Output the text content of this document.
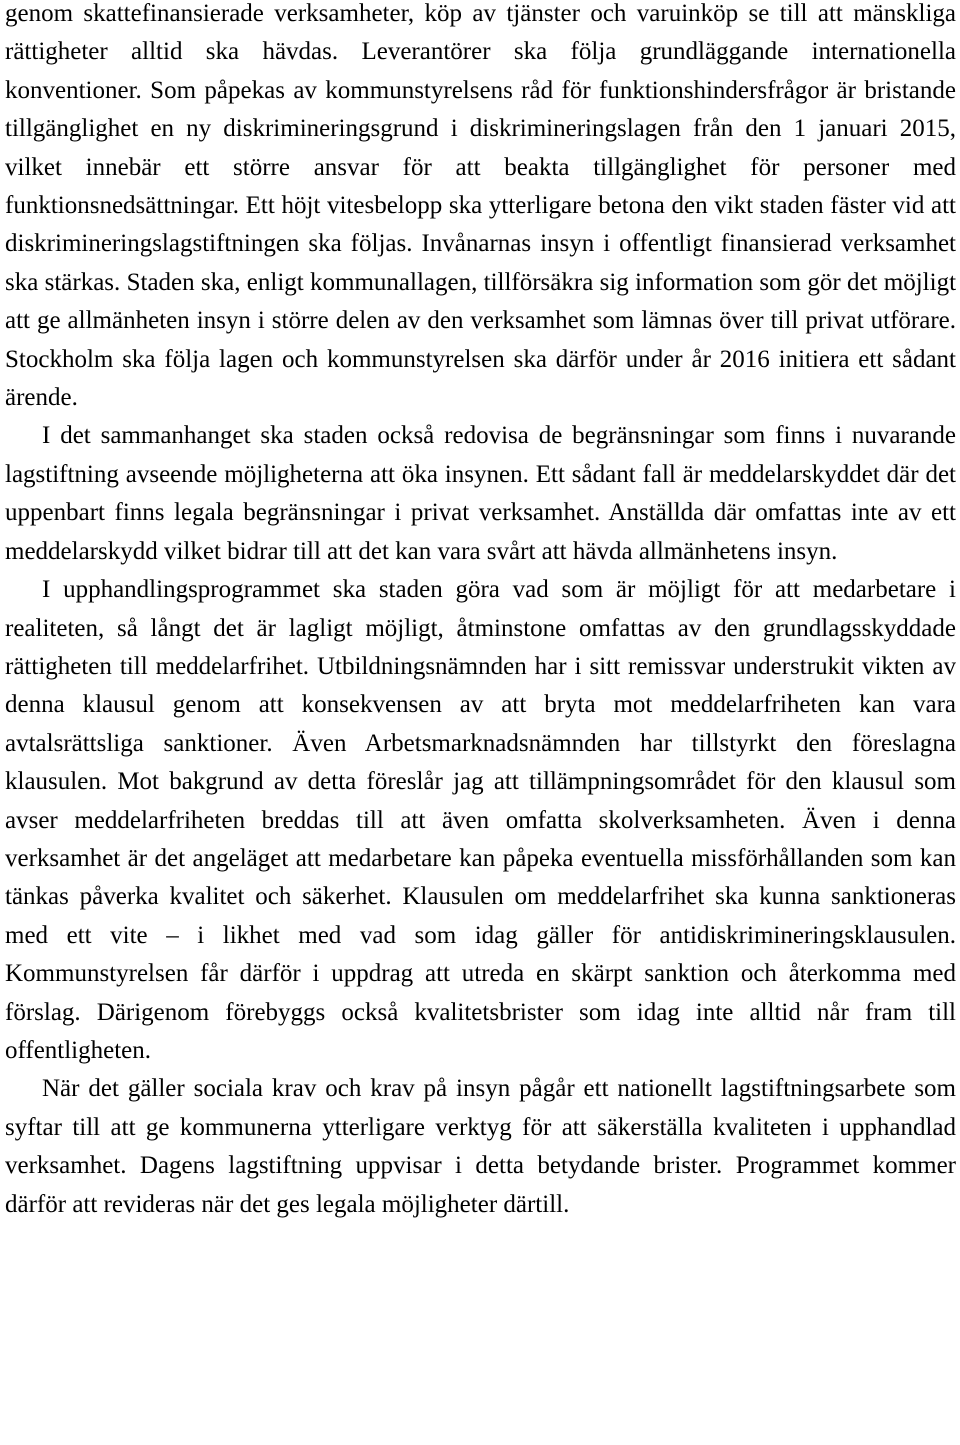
genom skattefinansierade verksamheter, köp av tjänster och varuinköp se till att mänskliga rättigheter alltid ska hävdas. Leverantörer ska följa grundläggande internationella konventioner. Som påpekas av kommunstyrelsens råd för funktionshindersfrågor är bristande tillgänglighet en ny diskrimineringsgrund i diskrimineringslagen från den 1 januari 2015, vilket innebär ett större ansvar för att beakta tillgänglighet för personer med funktionsnedsättningar. Ett höjt vitesbelopp ska ytterligare betona den vikt staden fäster vid att diskrimineringslagstiftningen ska följas. Invånarnas insyn i offentligt finansierad verksamhet ska stärkas. Staden ska, enligt kommunallagen, tillförsäkra sig information som gör det möjligt att ge allmänheten insyn i större delen av den verksamhet som lämnas över till privat utförare. Stockholm ska följa lagen och kommunstyrelsen ska därför under år 2016 initiera ett sådant ärende.

I det sammanhanget ska staden också redovisa de begränsningar som finns i nuvarande lagstiftning avseende möjligheterna att öka insynen. Ett sådant fall är meddelarskyddet där det uppenbart finns legala begränsningar i privat verksamhet. Anställda där omfattas inte av ett meddelarskydd vilket bidrar till att det kan vara svårt att hävda allmänhetens insyn.

I upphandlingsprogrammet ska staden göra vad som är möjligt för att medarbetare i realiteten, så långt det är lagligt möjligt, åtminstone omfattas av den grundlagsskyddade rättigheten till meddelarfrihet. Utbildningsnämnden har i sitt remissvar understrukit vikten av denna klausul genom att konsekvensen av att bryta mot meddelarfriheten kan vara avtalsrättsliga sanktioner. Även Arbetsmarknadsnämnden har tillstyrkt den föreslagna klausulen. Mot bakgrund av detta föreslår jag att tillämpningsområdet för den klausul som avser meddelarfriheten breddas till att även omfatta skolverksamheten. Även i denna verksamhet är det angeläget att medarbetare kan påpeka eventuella missförhållanden som kan tänkas påverka kvalitet och säkerhet. Klausulen om meddelarfrihet ska kunna sanktioneras med ett vite – i likhet med vad som idag gäller för antidiskrimineringsklausulen. Kommunstyrelsen får därför i uppdrag att utreda en skärpt sanktion och återkomma med förslag. Därigenom förebyggs också kvalitetsbrister som idag inte alltid når fram till offentligheten.

När det gäller sociala krav och krav på insyn pågår ett nationellt lagstiftningsarbete som syftar till att ge kommunerna ytterligare verktyg för att säkerställa kvaliteten i upphandlad verksamhet. Dagens lagstiftning uppvisar i detta betydande brister. Programmet kommer därför att revideras när det ges legala möjligheter därtill.
